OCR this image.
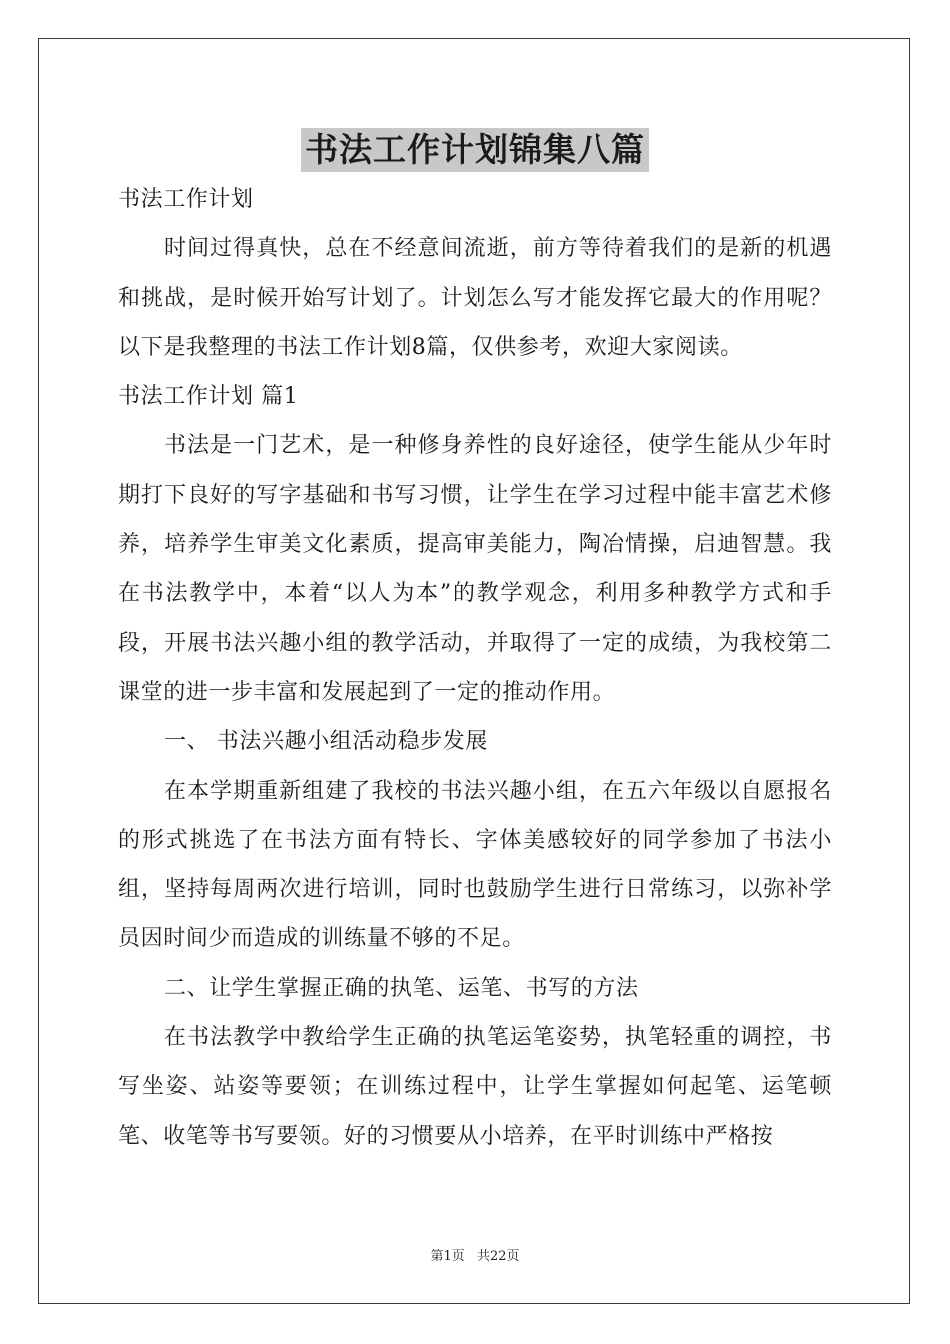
书法工作计划锦集八篇

书法工作计划

时间过得真快，总在不经意间流逝，前方等待着我们的是新的机遇和挑战，是时候开始写计划了。计划怎么写才能发挥它最大的作用呢？以下是我整理的书法工作计划8篇，仅供参考，欢迎大家阅读。

书法工作计划 篇1

书法是一门艺术，是一种修身养性的良好途径，使学生能从少年时期打下良好的写字基础和书写习惯，让学生在学习过程中能丰富艺术修养，培养学生审美文化素质，提高审美能力，陶冶情操，启迪智慧。我在书法教学中，本着“以人为本”的教学观念，利用多种教学方式和手段，开展书法兴趣小组的教学活动，并取得了一定的成绩，为我校第二课堂的进一步丰富和发展起到了一定的推动作用。

一、 书法兴趣小组活动稳步发展

在本学期重新组建了我校的书法兴趣小组，在五六年级以自愿报名的形式挑选了在书法方面有特长、字体美感较好的同学参加了书法小组，坚持每周两次进行培训，同时也鼓励学生进行日常练习，以弥补学员因时间少而造成的训练量不够的不足。

二、让学生掌握正确的执笔、运笔、书写的方法

在书法教学中教给学生正确的执笔运笔姿势，执笔轻重的调控，书写坐姿、站姿等要领；在训练过程中，让学生掌握如何起笔、运笔顿笔、收笔等书写要领。好的习惯要从小培养，在平时训练中严格按

第1页 共22页
